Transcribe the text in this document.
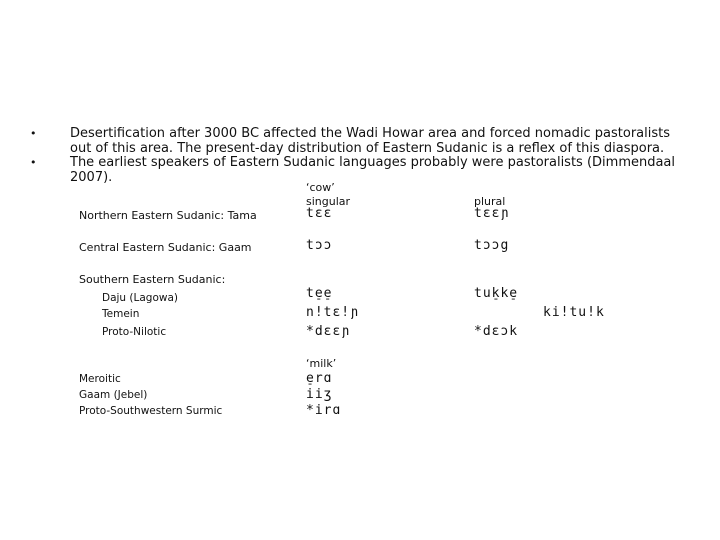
•	Desertification after 3000 BC affected the Wadi Howar area and forced nomadic pastoralists out of this area. The present-day distribution of Eastern Sudanic is a reflex of this diaspora.
•	The earliest speakers of Eastern Sudanic languages probably were pastoralists (Dimmendaal 2007).
‘cow’
singular	plural
Northern Eastern Sudanic: Tama	tɛɛ	tɛɛɲ
Central Eastern Sudanic: Gaam	tɔɔ	tɔɔg
Southern Eastern Sudanic:
Daju (Lagowa)	te̠e̠	tuk̠ke̠
Temein	n!tɛ!ɲ	ki!tu!k
Proto-Nilotic	*dɛɛɲ	*dɛɔk
‘milk’
Meroitic	e̠rɑ
Gaam (Jebel)	iiʒ
Proto-Southwestern Surmic	*irɑ
